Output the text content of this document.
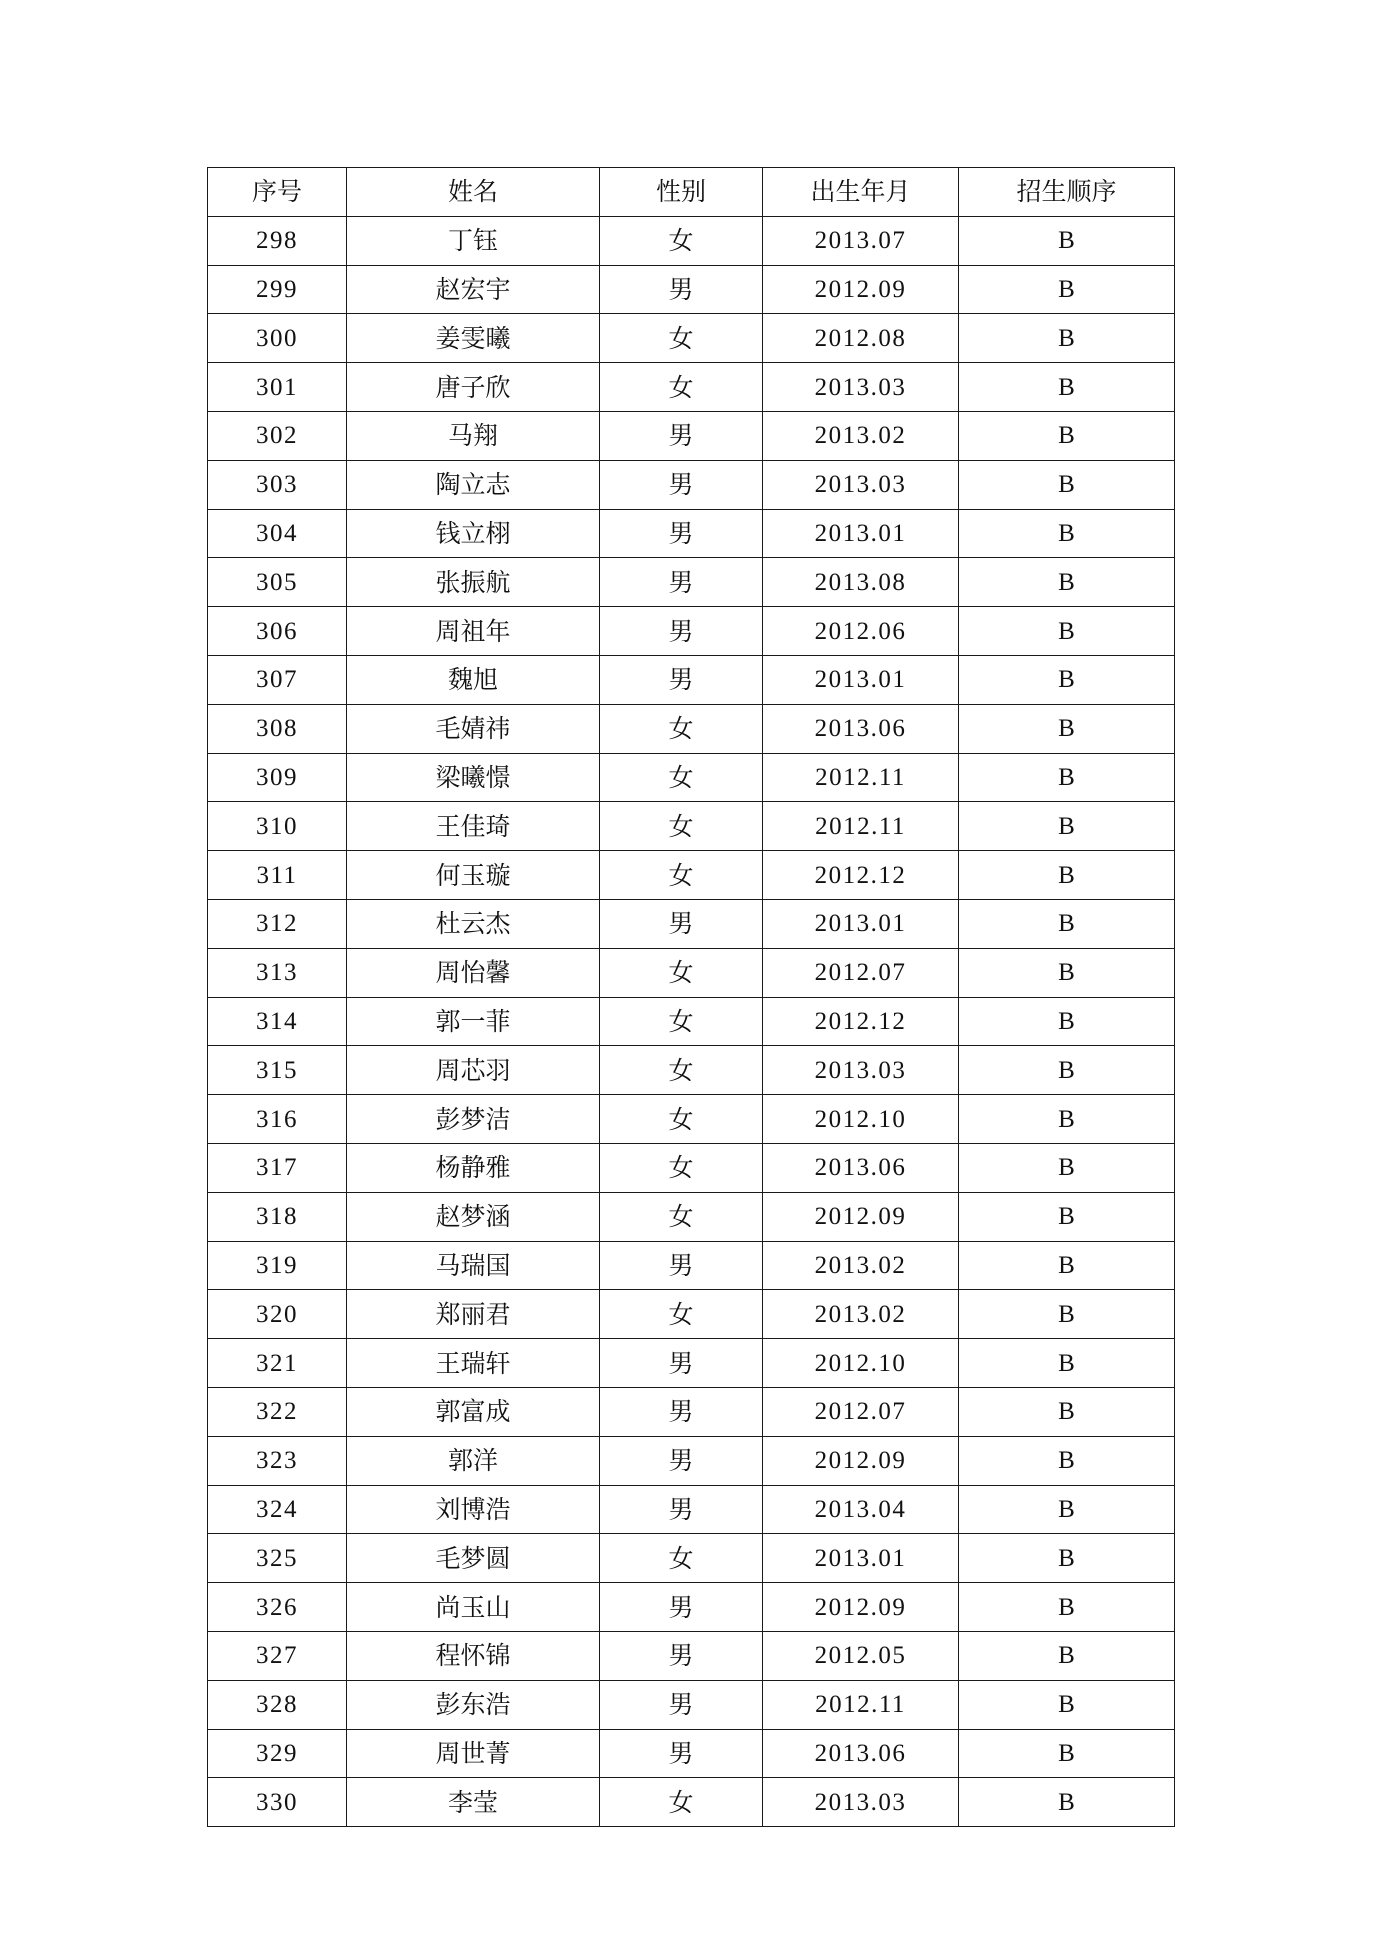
序号	姓名	性别	出生年月	招生顺序
298	丁钰	女	2013.07	B
299	赵宏宇	男	2012.09	B
300	姜雯曦	女	2012.08	B
301	唐子欣	女	2013.03	B
302	马翔	男	2013.02	B
303	陶立志	男	2013.03	B
304	钱立栩	男	2013.01	B
305	张振航	男	2013.08	B
306	周祖年	男	2012.06	B
307	魏旭	男	2013.01	B
308	毛婧祎	女	2013.06	B
309	梁曦憬	女	2012.11	B
310	王佳琦	女	2012.11	B
311	何玉璇	女	2012.12	B
312	杜云杰	男	2013.01	B
313	周怡馨	女	2012.07	B
314	郭一菲	女	2012.12	B
315	周芯羽	女	2013.03	B
316	彭梦洁	女	2012.10	B
317	杨静雅	女	2013.06	B
318	赵梦涵	女	2012.09	B
319	马瑞国	男	2013.02	B
320	郑丽君	女	2013.02	B
321	王瑞轩	男	2012.10	B
322	郭富成	男	2012.07	B
323	郭洋	男	2012.09	B
324	刘博浩	男	2013.04	B
325	毛梦圆	女	2013.01	B
326	尚玉山	男	2012.09	B
327	程怀锦	男	2012.05	B
328	彭东浩	男	2012.11	B
329	周世菁	男	2013.06	B
330	李莹	女	2013.03	B
